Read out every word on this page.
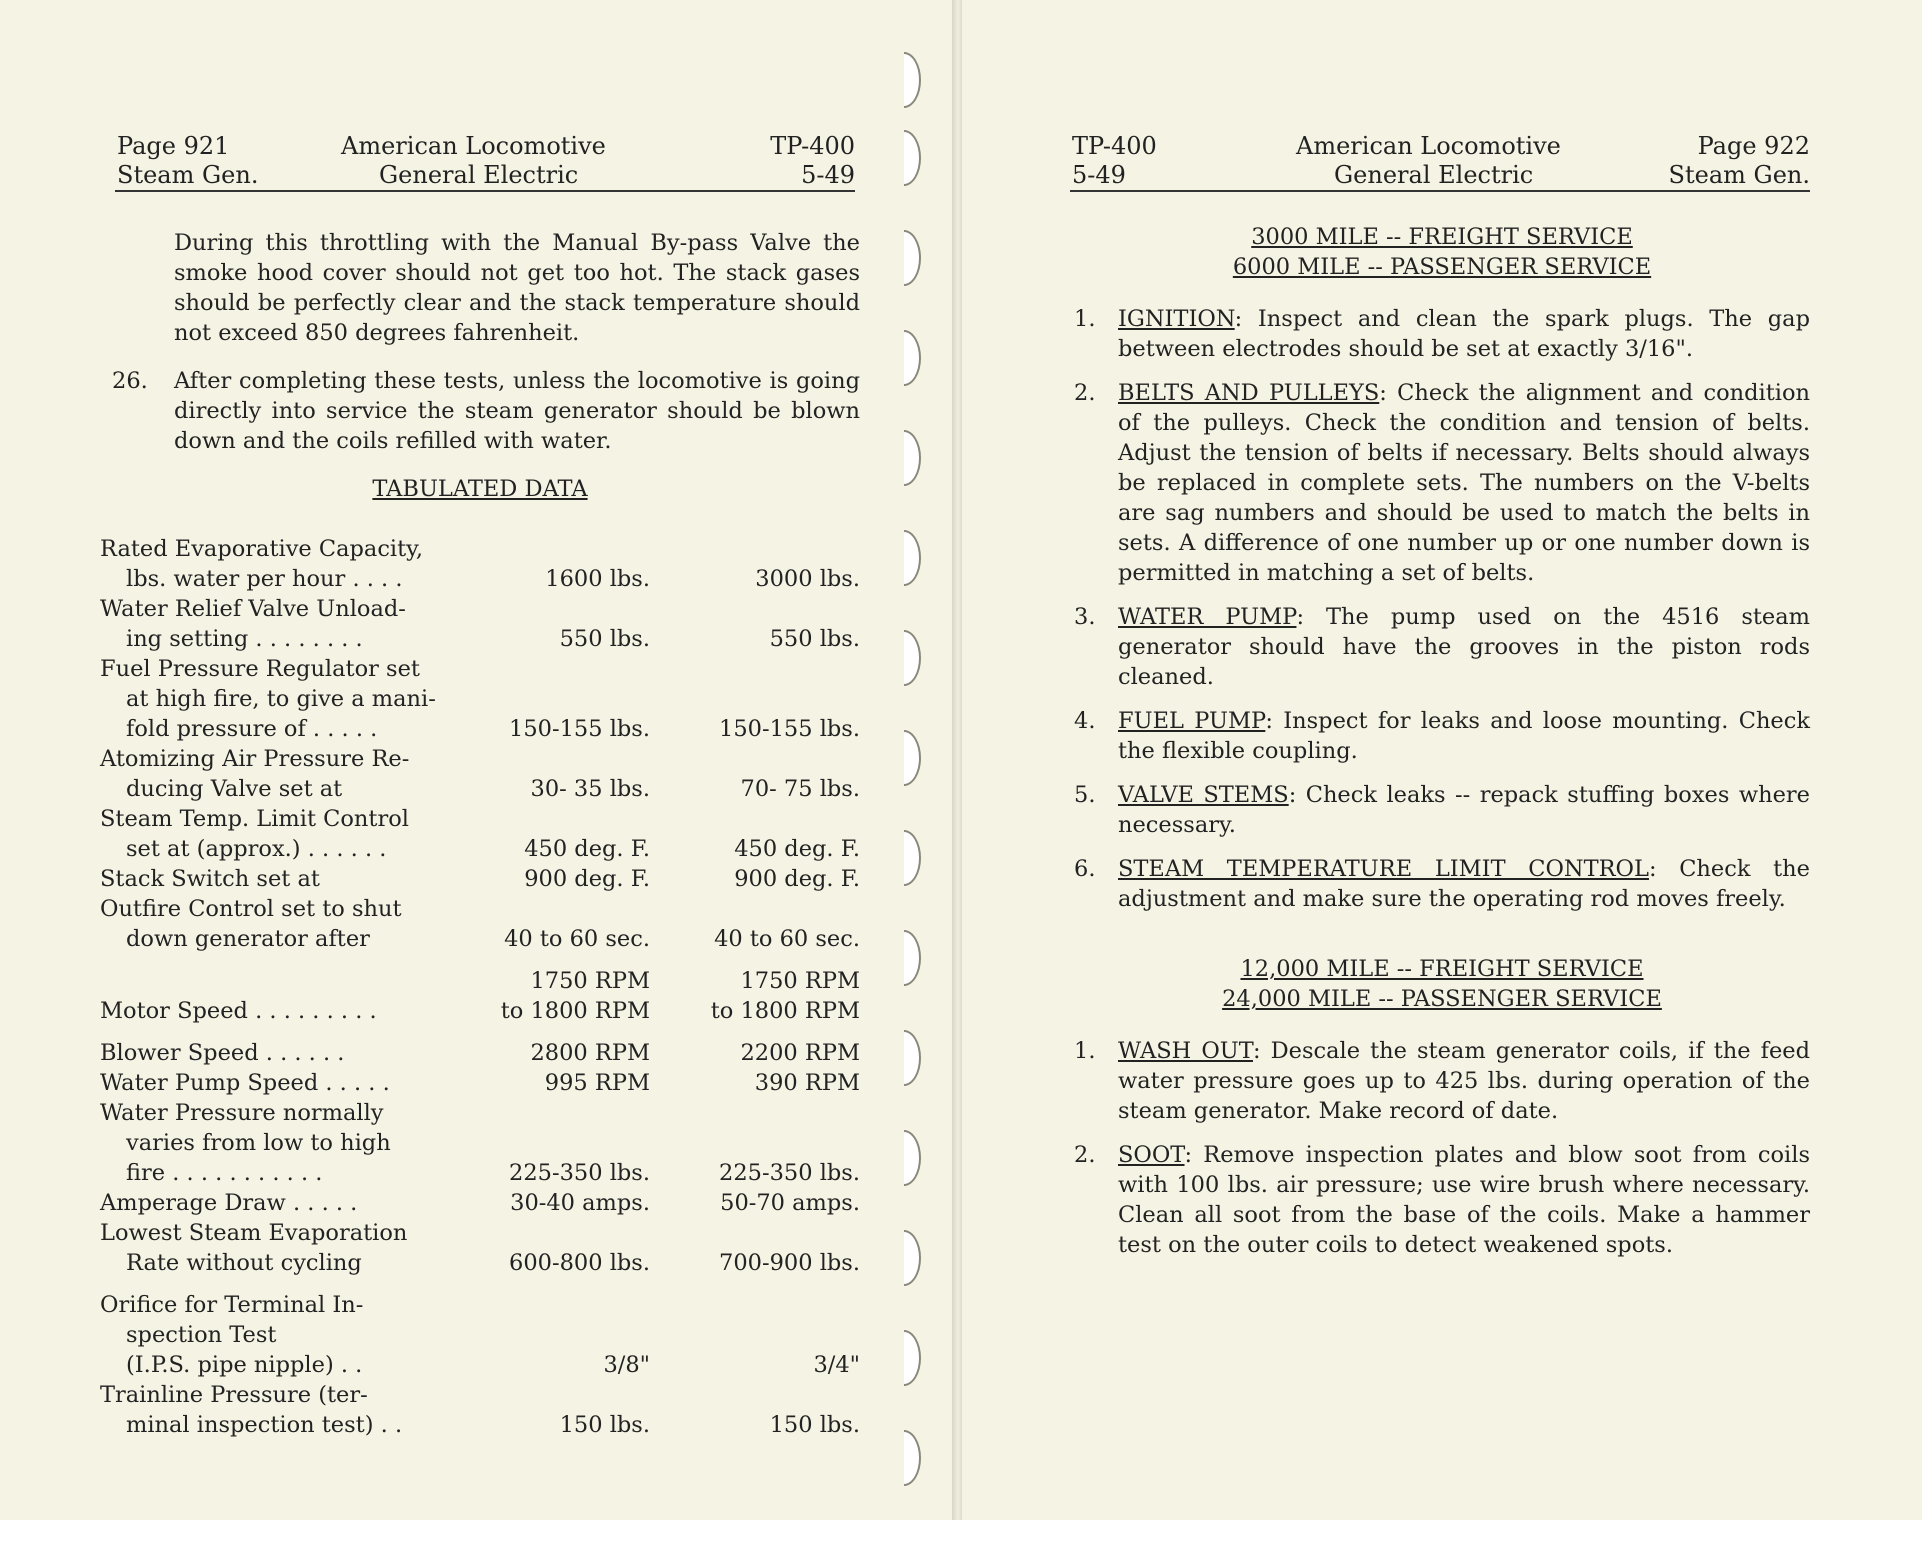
Page 921
Steam Gen.
American Locomotive
General Electric
TP-400
5-49

During this throttling with the Manual By-pass Valve the smoke hood cover should not get too hot. The stack gases should be perfectly clear and the stack temperature should not exceed 850 degrees fahrenheit.

26.	After completing these tests, unless the locomotive is going directly into service the steam generator should be blown down and the coils refilled with water.
TABULATED DATA
Rated Evaporative Capacity,
lbs. water per hour . . . .	1600 lbs.	3000 lbs.
Water Relief Valve Unload-
ing setting . . . . . . . .	550 lbs.	550 lbs.
Fuel Pressure Regulator set
at high fire, to give a mani-
fold pressure of . . . . .	150-155 lbs.	150-155 lbs.
Atomizing Air Pressure Re-
ducing Valve set at	30- 35 lbs.	70- 75 lbs.
Steam Temp. Limit Control
set at (approx.) . . . . . .	450 deg. F.	450 deg. F.
Stack Switch set at	900 deg. F.	900 deg. F.
Outfire Control set to shut
down generator after	40 to 60 sec.	40 to 60 sec.
1750 RPM	1750 RPM
Motor Speed . . . . . . . . .	to 1800 RPM	to 1800 RPM
Blower Speed . . . . . .	2800 RPM	2200 RPM
Water Pump Speed . . . . .	995 RPM	390 RPM
Water Pressure normally
varies from low to high
fire . . . . . . . . . . .	225-350 lbs.	225-350 lbs.
Amperage Draw . . . . .	30-40 amps.	50-70 amps.
Lowest Steam Evaporation
Rate without cycling	600-800 lbs.	700-900 lbs.
Orifice for Terminal In-
spection Test
(I.P.S. pipe nipple) . .	3/8"	3/4"
Trainline Pressure (ter-
minal inspection test) . .	150 lbs.	150 lbs.
TP-400
5-49
American Locomotive
General Electric
Page 922
Steam Gen.
3000 MILE -- FREIGHT SERVICE
6000 MILE -- PASSENGER SERVICE
1.	IGNITION: Inspect and clean the spark plugs. The gap between electrodes should be set at exactly 3/16".
2.	BELTS AND PULLEYS: Check the alignment and condition of the pulleys. Check the condition and tension of belts. Adjust the tension of belts if necessary. Belts should always be replaced in complete sets. The numbers on the V-belts are sag numbers and should be used to match the belts in sets. A difference of one number up or one number down is permitted in matching a set of belts.
3.	WATER PUMP: The pump used on the 4516 steam generator should have the grooves in the piston rods cleaned.
4.	FUEL PUMP: Inspect for leaks and loose mounting. Check the flexible coupling.
5.	VALVE STEMS: Check leaks -- repack stuffing boxes where necessary.
6.	STEAM TEMPERATURE LIMIT CONTROL: Check the adjustment and make sure the operating rod moves freely.
12,000 MILE -- FREIGHT SERVICE
24,000 MILE -- PASSENGER SERVICE
1.	WASH OUT: Descale the steam generator coils, if the feed water pressure goes up to 425 lbs. during operation of the steam generator. Make record of date.
2.	SOOT: Remove inspection plates and blow soot from coils with 100 lbs. air pressure; use wire brush where necessary. Clean all soot from the base of the coils. Make a hammer test on the outer coils to detect weakened spots.
